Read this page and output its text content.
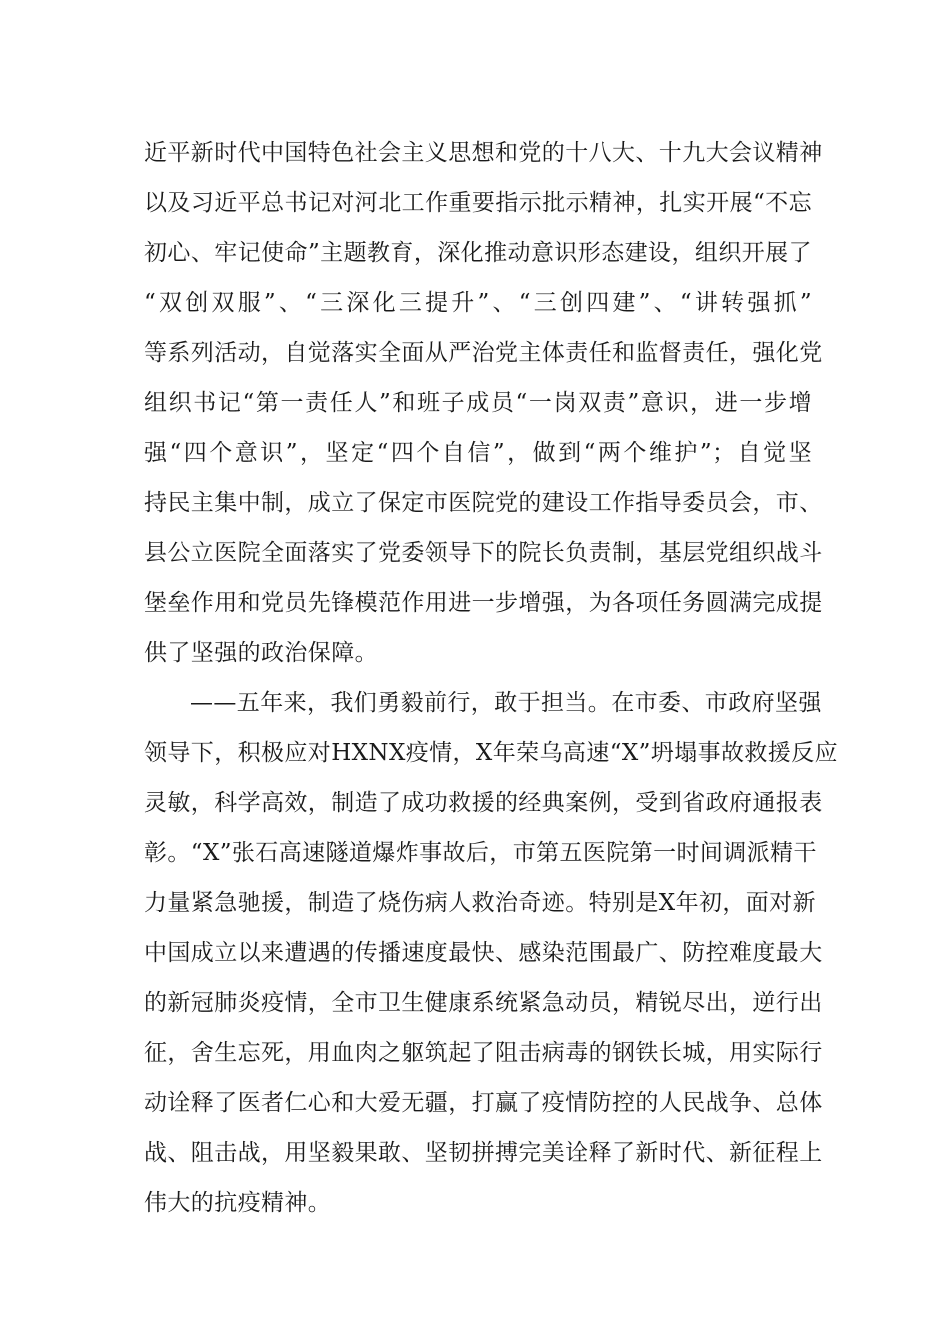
近平新时代中国特色社会主义思想和党的十八大、十九大会议精神
以及习近平总书记对河北工作重要指示批示精神，扎实开展“不忘
初心、牢记使命”主题教育，深化推动意识形态建设，组织开展了
“双创双服”、“三深化三提升”、“三创四建”、“讲转强抓”
等系列活动，自觉落实全面从严治党主体责任和监督责任，强化党
组织书记“第一责任人”和班子成员“一岗双责”意识，进一步增
强“四个意识”，坚定“四个自信”，做到“两个维护”；自觉坚
持民主集中制，成立了保定市医院党的建设工作指导委员会，市、
县公立医院全面落实了党委领导下的院长负责制，基层党组织战斗
堡垒作用和党员先锋模范作用进一步增强，为各项任务圆满完成提
供了坚强的政治保障。
——五年来，我们勇毅前行，敢于担当。在市委、市政府坚强
领导下，积极应对HXNX疫情，X年荣乌高速“X”坍塌事故救援反应
灵敏，科学高效，制造了成功救援的经典案例，受到省政府通报表
彰。“X”张石高速隧道爆炸事故后，市第五医院第一时间调派精干
力量紧急驰援，制造了烧伤病人救治奇迹。特别是X年初，面对新
中国成立以来遭遇的传播速度最快、感染范围最广、防控难度最大
的新冠肺炎疫情，全市卫生健康系统紧急动员，精锐尽出，逆行出
征，舍生忘死，用血肉之躯筑起了阻击病毒的钢铁长城，用实际行
动诠释了医者仁心和大爱无疆，打赢了疫情防控的人民战争、总体
战、阻击战，用坚毅果敢、坚韧拼搏完美诠释了新时代、新征程上
伟大的抗疫精神。
